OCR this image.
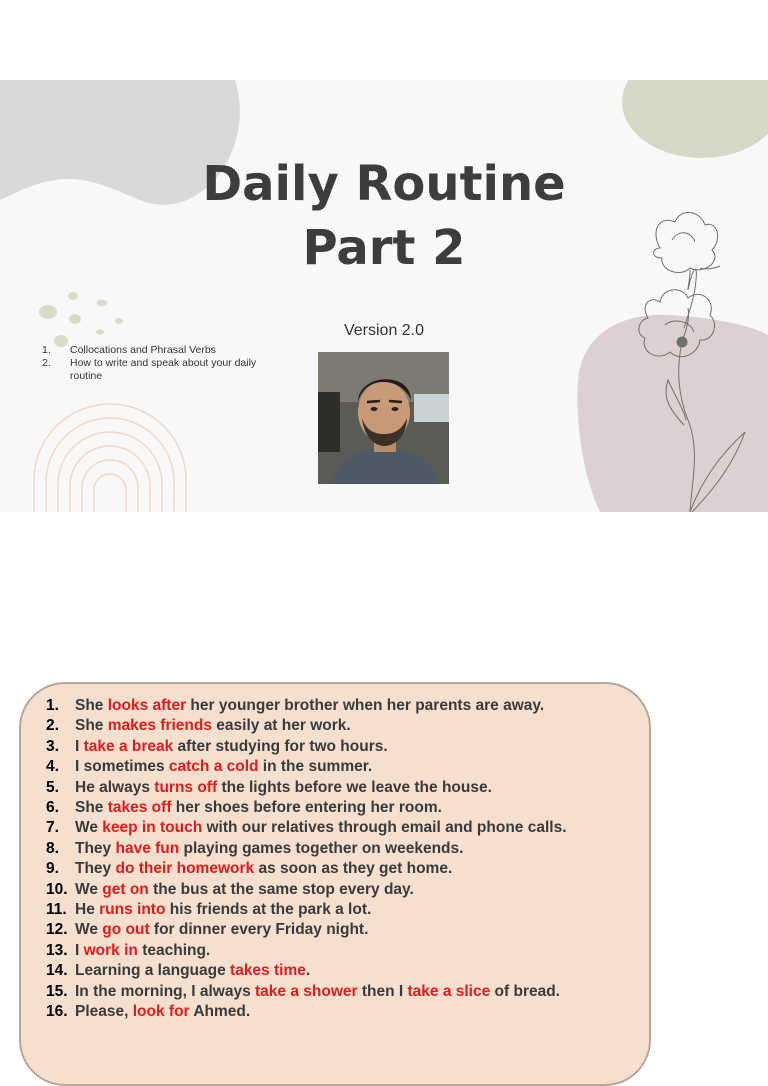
Daily Routine
Part 2
Version 2.0
1.	Collocations and Phrasal Verbs
2.	How to write and speak about your daily routine
1. She looks after her younger brother when her parents are away.
2. She makes friends easily at her work.
3. I take a break after studying for two hours.
4. I sometimes catch a cold in the summer.
5. He always turns off the lights before we leave the house.
6. She takes off her shoes before entering her room.
7. We keep in touch with our relatives through email and phone calls.
8. They have fun playing games together on weekends.
9. They do their homework as soon as they get home.
10. We get on the bus at the same stop every day.
11. He runs into his friends at the park a lot.
12. We go out for dinner every Friday night.
13. I work in teaching.
14. Learning a language takes time.
15. In the morning, I always take a shower then I take a slice of bread.
16. Please, look for Ahmed.
